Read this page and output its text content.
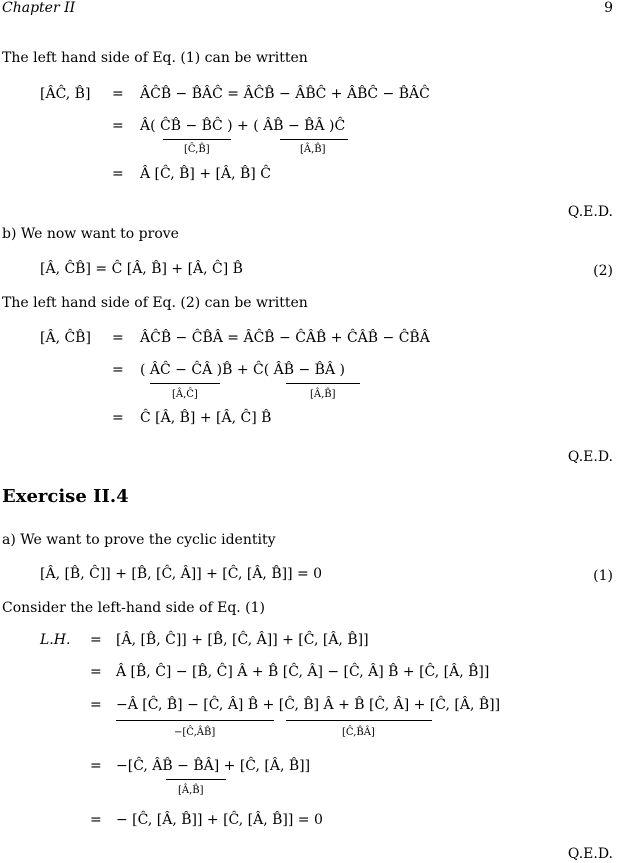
Chapter II	9
The left hand side of Eq. (1) can be written
[ÂĈ, B̂] = ÂĈB̂ − B̂ÂĈ = ÂĈB̂ − ÂB̂Ĉ + ÂB̂Ĉ − B̂ÂĈ
= Â( ĈB̂ − B̂Ĉ ) + ( ÂB̂ − B̂Â )Ĉ
[Ĉ,B̂]	[Â,B̂]
= Â [Ĉ, B̂] + [Â, B̂] Ĉ
Q.E.D.
b) We now want to prove
[Â, ĈB̂] = Ĉ [Â, B̂] + [Â, Ĉ] B̂	(2)
The left hand side of Eq. (2) can be written
[Â, ĈB̂] = ÂĈB̂ − ĈB̂Â = ÂĈB̂ − ĈÂB̂ + ĈÂB̂ − ĈB̂Â
= ( ÂĈ − ĈÂ )B̂ + Ĉ( ÂB̂ − B̂Â )
[Â,Ĉ]	[Â,B̂]
= Ĉ [Â, B̂] + [Â, Ĉ] B̂
Q.E.D.
Exercise II.4
a) We want to prove the cyclic identity
[Â, [B̂, Ĉ]] + [B̂, [Ĉ, Â]] + [Ĉ, [Â, B̂]] = 0	(1)
Consider the left-hand side of Eq. (1)
L.H. = [Â, [B̂, Ĉ]] + [B̂, [Ĉ, Â]] + [Ĉ, [Â, B̂]]
= Â [B̂, Ĉ] − [B̂, Ĉ] Â + B̂ [Ĉ, Â] − [Ĉ, Â] B̂ + [Ĉ, [Â, B̂]]
= −Â [Ĉ, B̂] − [Ĉ, Â] B̂ + [Ĉ, B̂] Â + B̂ [Ĉ, Â] + [Ĉ, [Â, B̂]]
−[Ĉ,ÂB̂]	[Ĉ,B̂Â]
= −[Ĉ, ÂB̂ − B̂Â] + [Ĉ, [Â, B̂]]
[Â,B̂]
= − [Ĉ, [Â, B̂]] + [Ĉ, [Â, B̂]] = 0
Q.E.D.
